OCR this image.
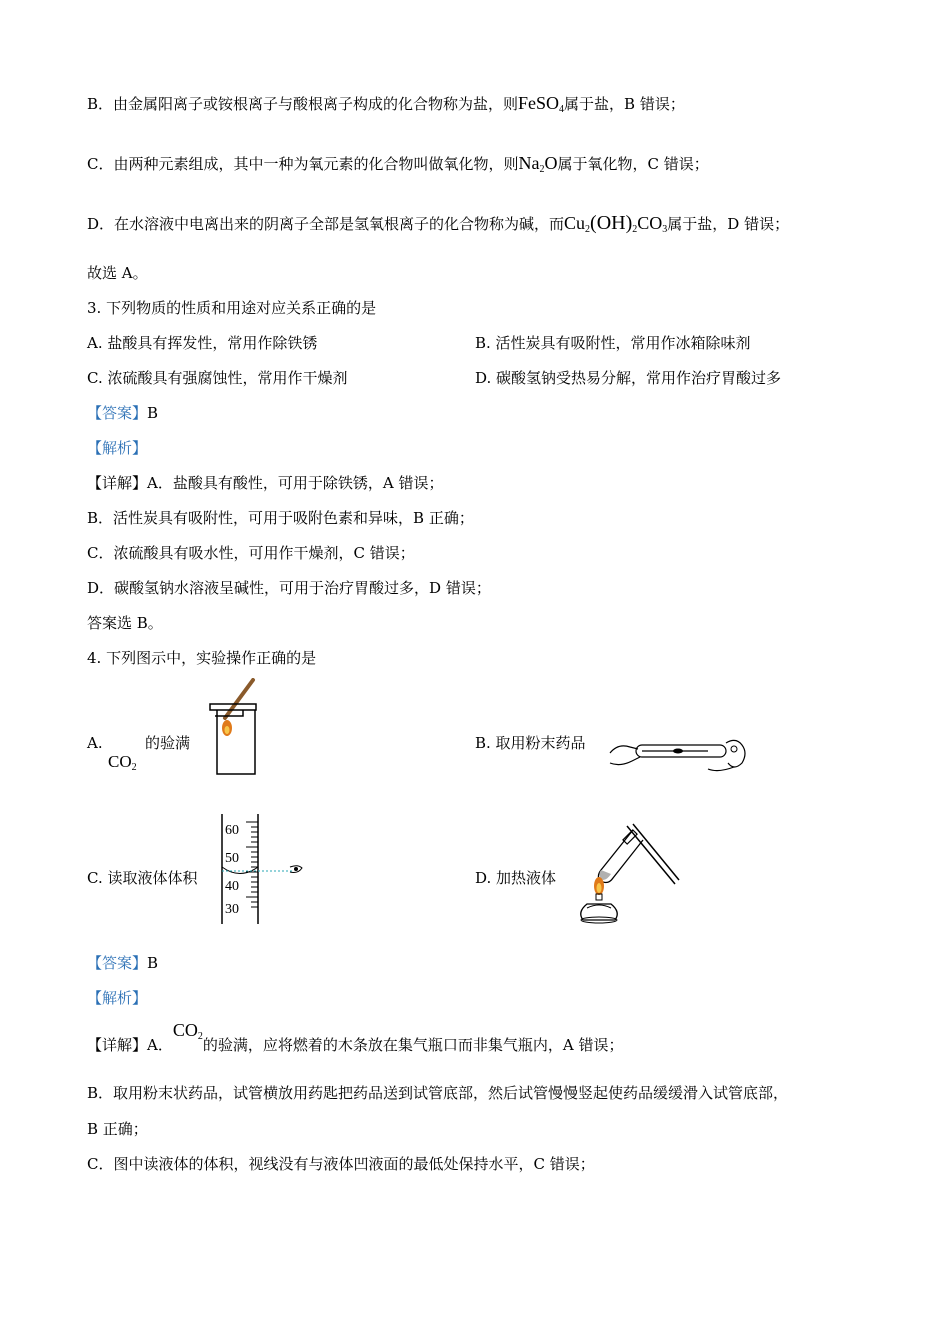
B．由金属阳离子或铵根离子与酸根离子构成的化合物称为盐，则FeSO$_4$属于盐，B 错误；
C．由两种元素组成，其中一种为氧元素的化合物叫做氧化物，则$Na_2O$属于氧化物，C 错误；
D．在水溶液中电离出来的阴离子全部是氢氧根离子的化合物称为碱，而$Cu_2(OH)_2CO_3$属于盐，D 错误；
故选 A。
3. 下列物质的性质和用途对应关系正确的是
A. 盐酸具有挥发性，常用作除铁锈	B. 活性炭具有吸附性，常用作冰箱除味剂
C. 浓硫酸具有强腐蚀性，常用作干燥剂	D. 碳酸氢钠受热易分解，常用作治疗胃酸过多
【答案】B
【解析】
【详解】A．盐酸具有酸性，可用于除铁锈，A 错误；
B．活性炭具有吸附性，可用于吸附色素和异味，B 正确；
C．浓硫酸具有吸水性，可用作干燥剂，C 错误；
D．碳酸氢钠水溶液呈碱性，可用于治疗胃酸过多，D 错误；
答案选 B。
4. 下列图示中，实验操作正确的是
A.	的验满
$CO_2$
B. 取用粉末药品
C. 读取液体体积
60
50
40
30
D. 加热液体
【答案】B
【解析】
【详解】A．$CO_2$的验满，应将燃着的木条放在集气瓶口而非集气瓶内，A 错误；
B．取用粉末状药品，试管横放用药匙把药品送到试管底部，然后试管慢慢竖起使药品缓缓滑入试管底部，
B 正确；
C．图中读液体的体积，视线没有与液体凹液面的最低处保持水平，C 错误；
